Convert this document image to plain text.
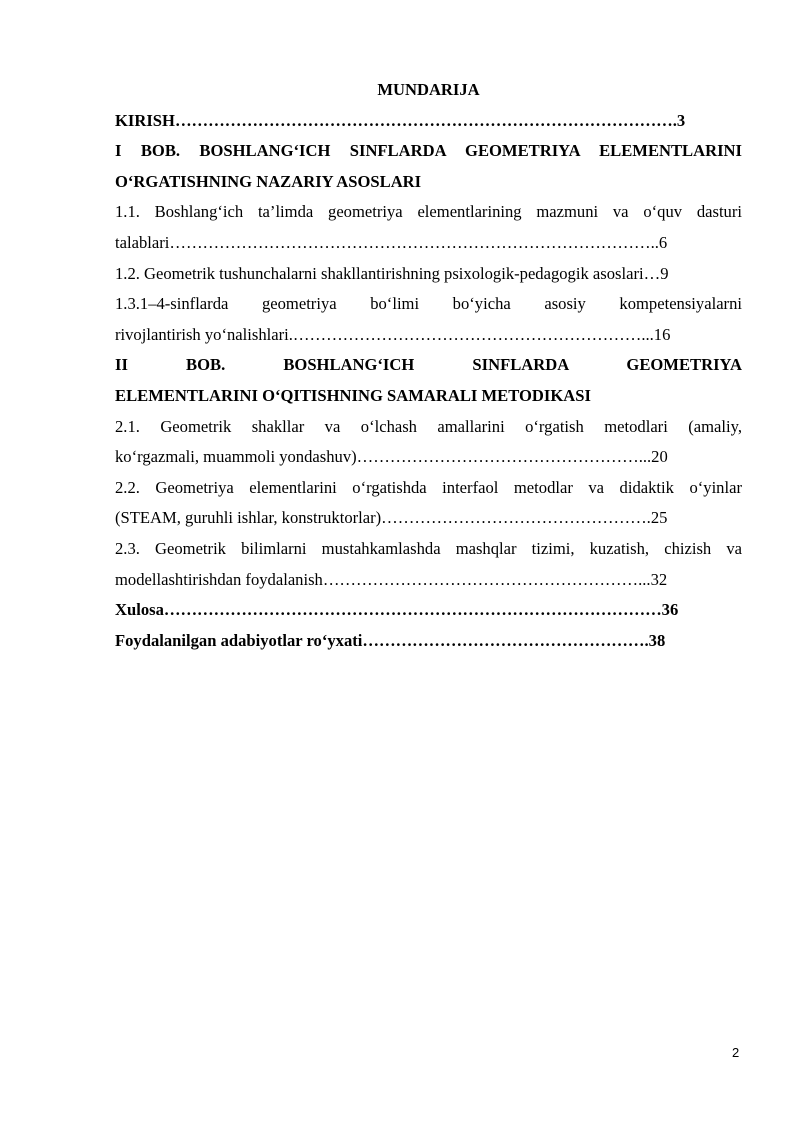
MUNDARIJA
KIRISH……………………………………………………………………………….3
I BOB. BOSHLANG‘ICH SINFLARDA GEOMETRIYA ELEMENTLARINI
O‘RGATISHNING NAZARIY ASOSLARI
1.1. Boshlang‘ich ta’limda geometriya elementlarining mazmuni va o‘quv dasturi
talablari……………………………………………………………………………..6
1.2. Geometrik tushunchalarni shakllantirishning psixologik-pedagogik asoslari…9
1.3.1–4-sinflarda geometriya bo‘limi bo‘yicha asosiy kompetensiyalarni
rivojlantirish yo‘nalishlari.………………………………………………………...16
II BOB. BOSHLANG‘ICH SINFLARDA GEOMETRIYA
ELEMENTLARINI O‘QITISHNING SAMARALI METODIKASI
2.1. Geometrik shakllar va o‘lchash amallarini o‘rgatish metodlari (amaliy,
ko‘rgazmali, muammoli yondashuv)……………………………………………...20
2.2. Geometriya elementlarini o‘rgatishda interfaol metodlar va didaktik o‘yinlar
(STEAM, guruhli ishlar, konstruktorlar)………………………………………….25
2.3. Geometrik bilimlarni mustahkamlashda mashqlar tizimi, kuzatish, chizish va
modellashtirishdan foydalanish…………………………………………………...32
Xulosa………………………………………………………………………………36
Foydalanilgan adabiyotlar ro‘yxati…………………………………………….38
2
